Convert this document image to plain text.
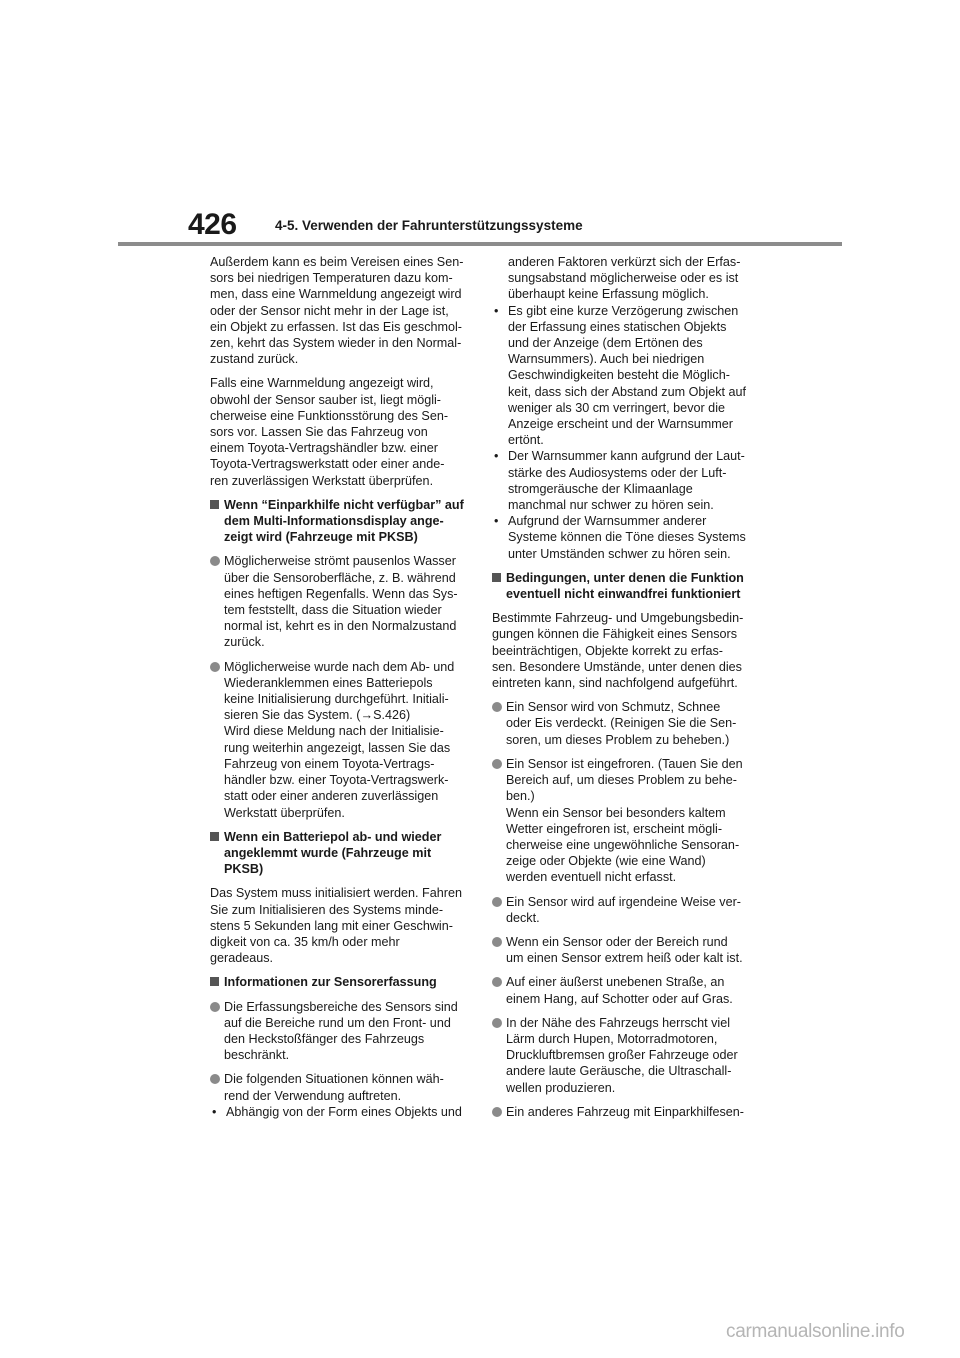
426	4-5. Verwenden der Fahrunterstützungssysteme

Außerdem kann es beim Vereisen eines Sen-
sors bei niedrigen Temperaturen dazu kom-
men, dass eine Warnmeldung angezeigt wird
oder der Sensor nicht mehr in der Lage ist,
ein Objekt zu erfassen. Ist das Eis geschmol-
zen, kehrt das System wieder in den Normal-
zustand zurück.

Falls eine Warnmeldung angezeigt wird,
obwohl der Sensor sauber ist, liegt mögli-
cherweise eine Funktionsstörung des Sen-
sors vor. Lassen Sie das Fahrzeug von
einem Toyota-Vertragshändler bzw. einer
Toyota-Vertragswerkstatt oder einer ande-
ren zuverlässigen Werkstatt überprüfen.

Wenn “Einparkhilfe nicht verfügbar” auf
dem Multi-Informationsdisplay ange-
zeigt wird (Fahrzeuge mit PKSB)
Möglicherweise strömt pausenlos Wasser
über die Sensoroberfläche, z. B. während
eines heftigen Regenfalls. Wenn das Sys-
tem feststellt, dass die Situation wieder
normal ist, kehrt es in den Normalzustand
zurück.
Möglicherweise wurde nach dem Ab- und
Wiederanklemmen eines Batteriepols
keine Initialisierung durchgeführt. Initiali-
sieren Sie das System. (→S.426)
Wird diese Meldung nach der Initialisie-
rung weiterhin angezeigt, lassen Sie das
Fahrzeug von einem Toyota-Vertrags-
händler bzw. einer Toyota-Vertragswerk-
statt oder einer anderen zuverlässigen
Werkstatt überprüfen.
Wenn ein Batteriepol ab- und wieder
angeklemmt wurde (Fahrzeuge mit
PKSB)

Das System muss initialisiert werden. Fahren
Sie zum Initialisieren des Systems minde-
stens 5 Sekunden lang mit einer Geschwin-
digkeit von ca. 35 km/h oder mehr
geradeaus.

Informationen zur Sensorerfassung
Die Erfassungsbereiche des Sensors sind
auf die Bereiche rund um den Front- und
den Heckstoßfänger des Fahrzeugs
beschränkt.
Die folgenden Situationen können wäh-
rend der Verwendung auftreten.
• Abhängig von der Form eines Objekts und
anderen Faktoren verkürzt sich der Erfas-
sungsabstand möglicherweise oder es ist
überhaupt keine Erfassung möglich.
• Es gibt eine kurze Verzögerung zwischen
der Erfassung eines statischen Objekts
und der Anzeige (dem Ertönen des
Warnsummers). Auch bei niedrigen
Geschwindigkeiten besteht die Möglich-
keit, dass sich der Abstand zum Objekt auf
weniger als 30 cm verringert, bevor die
Anzeige erscheint und der Warnsummer
ertönt.
• Der Warnsummer kann aufgrund der Laut-
stärke des Audiosystems oder der Luft-
stromgeräusche der Klimaanlage
manchmal nur schwer zu hören sein.
• Aufgrund der Warnsummer anderer
Systeme können die Töne dieses Systems
unter Umständen schwer zu hören sein.
Bedingungen, unter denen die Funktion
eventuell nicht einwandfrei funktioniert

Bestimmte Fahrzeug- und Umgebungsbedin-
gungen können die Fähigkeit eines Sensors
beeinträchtigen, Objekte korrekt zu erfas-
sen. Besondere Umstände, unter denen dies
eintreten kann, sind nachfolgend aufgeführt.

Ein Sensor wird von Schmutz, Schnee
oder Eis verdeckt. (Reinigen Sie die Sen-
soren, um dieses Problem zu beheben.)
Ein Sensor ist eingefroren. (Tauen Sie den
Bereich auf, um dieses Problem zu behe-
ben.)
Wenn ein Sensor bei besonders kaltem
Wetter eingefroren ist, erscheint mögli-
cherweise eine ungewöhnliche Sensoran-
zeige oder Objekte (wie eine Wand)
werden eventuell nicht erfasst.
Ein Sensor wird auf irgendeine Weise ver-
deckt.
Wenn ein Sensor oder der Bereich rund
um einen Sensor extrem heiß oder kalt ist.
Auf einer äußerst unebenen Straße, an
einem Hang, auf Schotter oder auf Gras.
In der Nähe des Fahrzeugs herrscht viel
Lärm durch Hupen, Motorradmotoren,
Druckluftbremsen großer Fahrzeuge oder
andere laute Geräusche, die Ultraschall-
wellen produzieren.
Ein anderes Fahrzeug mit Einparkhilfesen-
carmanualsonline.info
